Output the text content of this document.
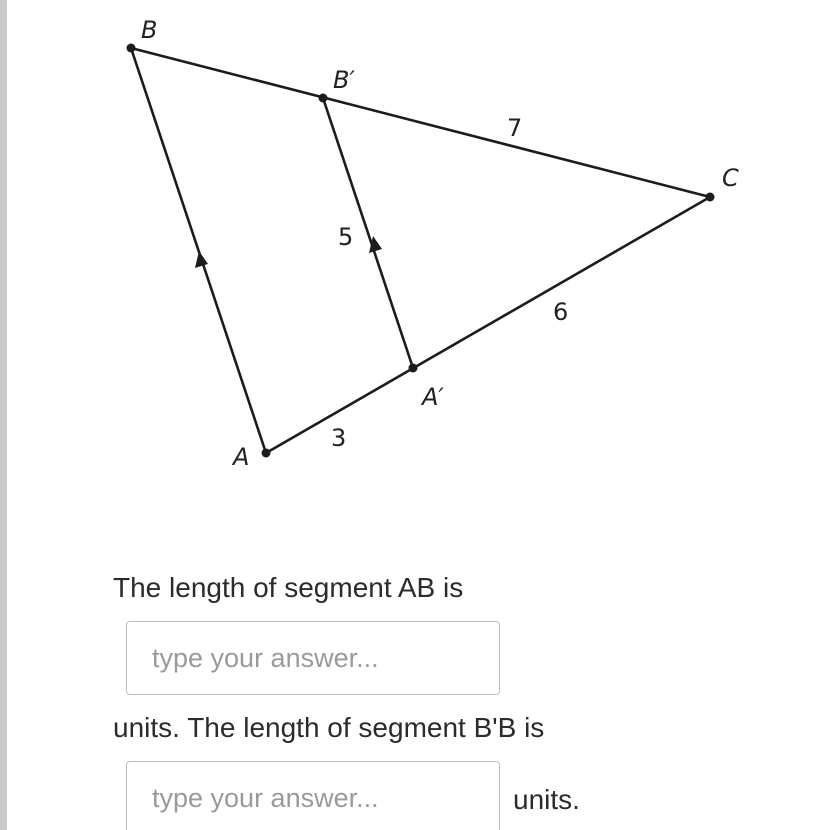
B
B′
C
A′
A
7
5
6
3
The length of segment AB is
type your answer...
units. The length of segment B'B is
type your answer...
units.
